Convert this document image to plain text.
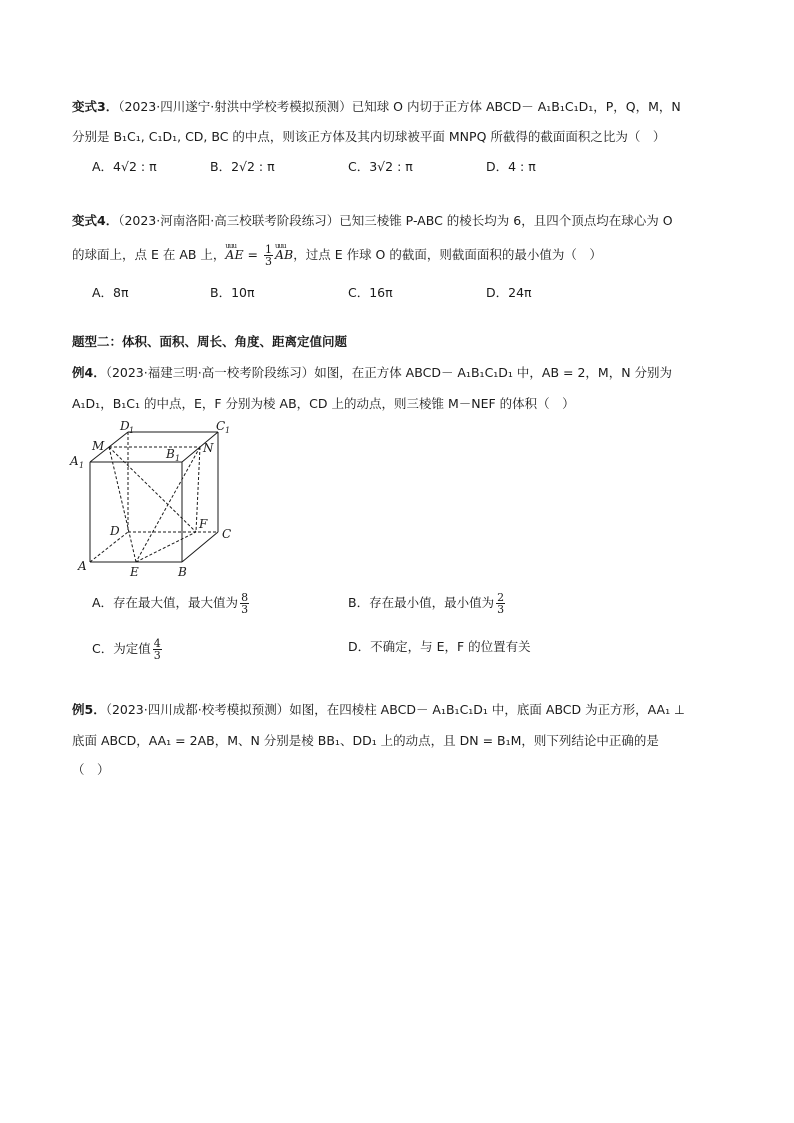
变式3．（2023·四川遂宁·射洪中学校考模拟预测）已知球 O 内切于正方体 ABCD－ A₁B₁C₁D₁，P，Q，M，N
分别是 B₁C₁, C₁D₁, CD, BC 的中点，则该正方体及其内切球被平面 MNPQ 所截得的截面面积之比为（　）
A．4√2 : π	B．2√2 : π	C．3√2 : π	D．4 : π
变式4．（2023·河南洛阳·高三校联考阶段练习）已知三棱锥 P-ABC 的棱长均为 6，且四个顶点均在球心为 O
的球面上，点 E 在 AB 上，uuu AE = $\frac{1}{3}$
uuu AB，过点 E 作球 O 的截面，则截面面积的最小值为（　）
A．8π	B．10π	C．16π	D．24π
题型二：体积、面积、周长、角度、距离定值问题
例4．（2023·福建三明·高一校考阶段练习）如图，在正方体 ABCD－ A₁B₁C₁D₁ 中，AB = 2，M，N 分别为
A₁D₁，B₁C₁ 的中点，E，F 分别为棱 AB，CD 上的动点，则三棱锥 M－NEF 的体积（　）
D 1	C 1
A 1
B 1
M	N
D	F
C
A	E	B
A．存在最大值，最大值为 $\frac{8}{3}$	B．存在最小值，最小值为 $\frac{2}{3}$
C．为定值 $\frac{4}{3}$	D．不确定，与 E，F 的位置有关
例5．（2023·四川成都·校考模拟预测）如图，在四棱柱 ABCD－ A₁B₁C₁D₁ 中，底面 ABCD 为正方形，AA₁ ⊥
底面 ABCD，AA₁ = 2AB，M、N 分别是棱 BB₁、DD₁ 上的动点，且 DN = B₁M，则下列结论中正确的是
（　）
